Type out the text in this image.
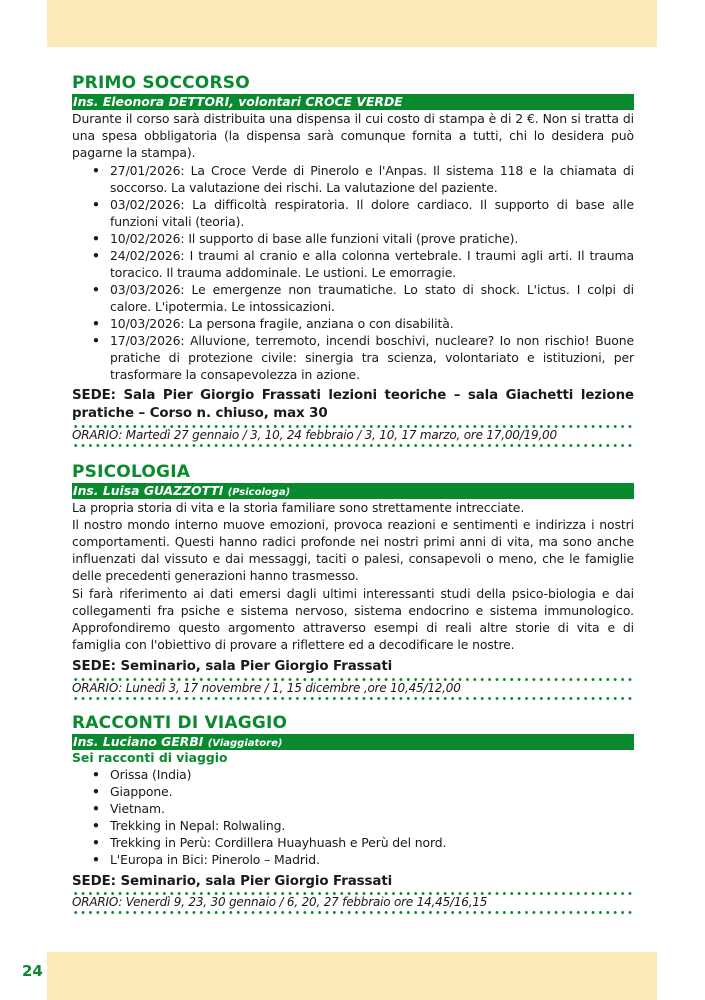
PRIMO SOCCORSO
Ins. Eleonora DETTORI, volontari CROCE VERDE

Durante il corso sarà distribuita una dispensa il cui costo di stampa è di 2 €. Non si tratta di una spesa obbligatoria (la dispensa sarà comunque fornita a tutti, chi lo desidera può pagarne la stampa).

• 27/01/2026: La Croce Verde di Pinerolo e l'Anpas. Il sistema 118 e la chiamata di soccorso. La valutazione dei rischi. La valutazione del paziente.
• 03/02/2026: La difficoltà respiratoria. Il dolore cardiaco. Il supporto di base alle funzioni vitali (teoria).
• 10/02/2026: Il supporto di base alle funzioni vitali (prove pratiche).
• 24/02/2026: I traumi al cranio e alla colonna vertebrale. I traumi agli arti. Il trauma toracico. Il trauma addominale. Le ustioni. Le emorragie.
• 03/03/2026: Le emergenze non traumatiche. Lo stato di shock. L'ictus. I colpi di calore. L'ipotermia. Le intossicazioni.
• 10/03/2026: La persona fragile, anziana o con disabilità.
• 17/03/2026: Alluvione, terremoto, incendi boschivi, nucleare? Io non rischio! Buone pratiche di protezione civile: sinergia tra scienza, volontariato e istituzioni, per trasformare la consapevolezza in azione.

SEDE: Sala Pier Giorgio Frassati lezioni teoriche – sala Giachetti lezione pratiche – Corso n. chiuso, max 30

ORARIO: Martedì 27 gennaio / 3, 10, 24 febbraio / 3, 10, 17 marzo, ore 17,00/19,00
PSICOLOGIA
Ins. Luisa GUAZZOTTI (Psicologa)

La propria storia di vita e la storia familiare sono strettamente intrecciate.

Il nostro mondo interno muove emozioni, provoca reazioni e sentimenti e indirizza i nostri comportamenti. Questi hanno radici profonde nei nostri primi anni di vita, ma sono anche influenzati dal vissuto e dai messaggi, taciti o palesi, consapevoli o meno, che le famiglie delle precedenti generazioni hanno trasmesso.

Si farà riferimento ai dati emersi dagli ultimi interessanti studi della psico-biologia e dai collegamenti fra psiche e sistema nervoso, sistema endocrino e sistema immunologico. Approfondiremo questo argomento attraverso esempi di reali altre storie di vita e di famiglia con l'obiettivo di provare a riflettere ed a decodificare le nostre.

SEDE: Seminario, sala Pier Giorgio Frassati

ORARIO: Lunedì 3, 17 novembre / 1, 15 dicembre ,ore 10,45/12,00
RACCONTI DI VIAGGIO
Ins. Luciano GERBI (Viaggiatore)
Sei racconti di viaggio
• Orissa (India)
• Giappone.
• Vietnam.
• Trekking in Nepal: Rolwaling.
• Trekking in Perù: Cordillera Huayhuash e Perù del nord.
• L'Europa in Bici: Pinerolo – Madrid.

SEDE: Seminario, sala Pier Giorgio Frassati

ORARIO: Venerdì 9, 23, 30 gennaio / 6, 20, 27 febbraio ore 14,45/16,15
24
